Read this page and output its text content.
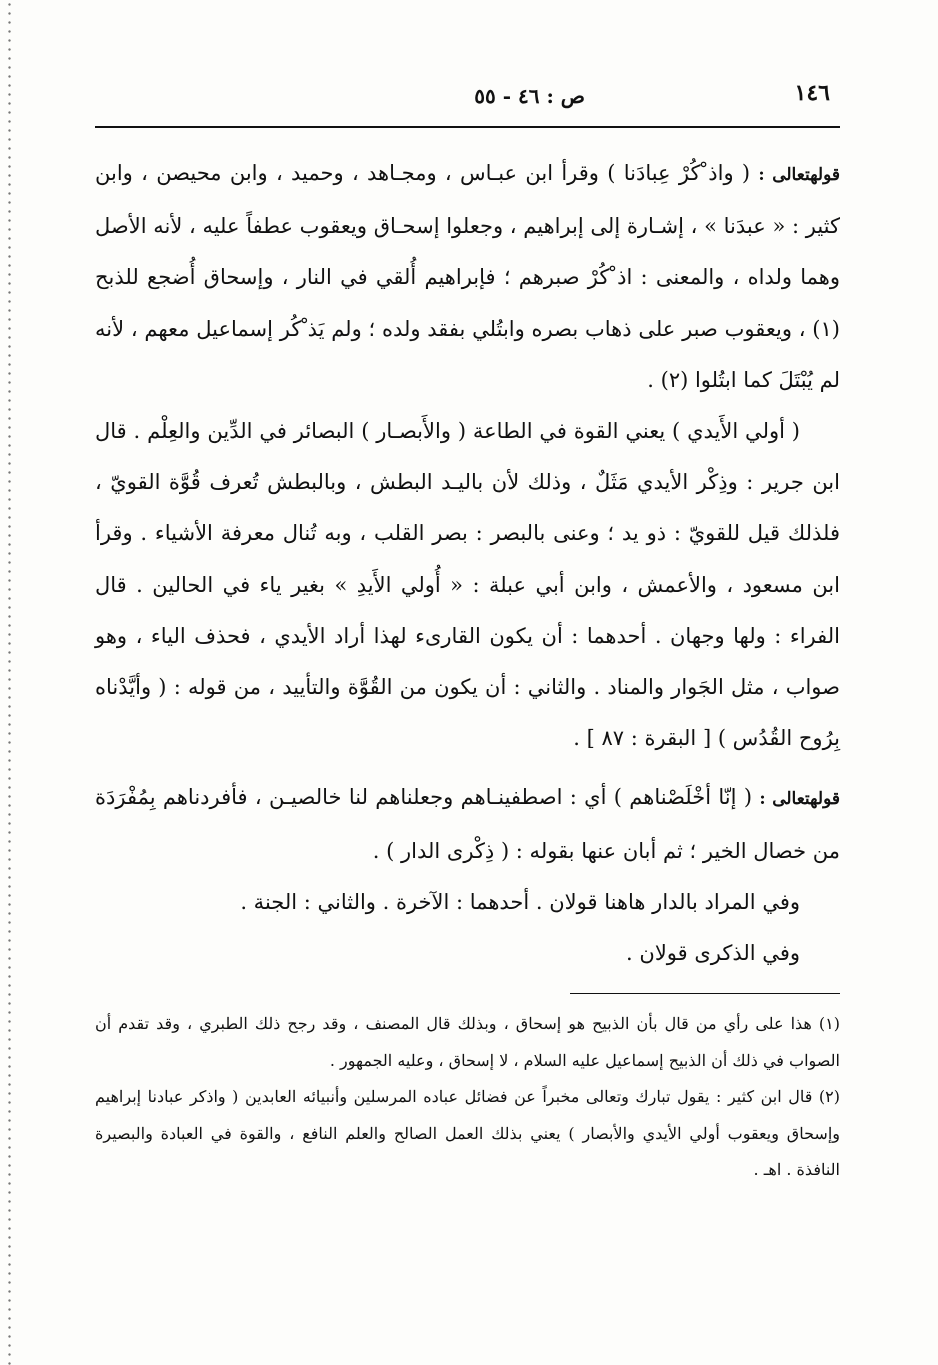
١٤٦
ص : ٤٦ - ٥٥

قولهتعالى : ( واذ ْكُرْ عِبادَنا ) وقرأ ابن عبـاس ، ومجـاهد ، وحميد ، وابن محيصن ، وابن كثير : « عبدَنا » ، إشـارة إلى إبراهيم ، وجعلوا إسحـاق ويعقوب عطفاً عليه ، لأنه الأصل وهما ولداه ، والمعنى : اذ ْكُرْ صبرهم ؛ فإبراهيم أُلقي في النار ، وإسحاق أُضجع للذبح (١) ، ويعقوب صبر على ذهاب بصره وابتُلي بفقد ولده ؛ ولم يَذ ْكُر إسماعيل معهم ، لأنه لم يُبْتَلَ كما ابتُلوا (٢) .

( أولي الأَيدي ) يعني القوة في الطاعة ( والأَبصـار ) البصائر في الدِّين والعِلْم . قال ابن جرير : وذِكْر الأيدي مَثَلٌ ، وذلك لأن باليـد البطش ، وبالبطش تُعرف قُوَّة القويّ ، فلذلك قيل للقويّ : ذو يد ؛ وعنى بالبصر : بصر القلب ، وبه تُنال معرفة الأشياء . وقرأ ابن مسعود ، والأعمش ، وابن أبي عبلة : « أُولي الأَيدِ » بغير ياء في الحالين . قال الفراء : ولها وجهان . أحدهما : أن يكون القارىء لهذا أراد الأيدي ، فحذف الياء ، وهو صواب ، مثل الجَوار والمناد . والثاني : أن يكون من القُوَّة والتأييد ، من قوله : ( وأيَّدْناه بِرُوح القُدُس ) [ البقرة : ٨٧ ] .

قولهتعالى : ( إنّا أخْلَصْناهم ) أي : اصطفينـاهم وجعلناهم لنا خالصيـن ، فأفردناهم بِمُفْرَدَة من خصال الخير ؛ ثم أبان عنها بقوله : ( ذِكْرى الدار ) .

وفي المراد بالدار هاهنا قولان . أحدهما : الآخرة . والثاني : الجنة .

وفي الذكرى قولان .

(١) هذا على رأي من قال بأن الذبيح هو إسحاق ، وبذلك قال المصنف ، وقد رجح ذلك الطبري ، وقد تقدم أن الصواب في ذلك أن الذبيح إسماعيل عليه السلام ، لا إسحاق ، وعليه الجمهور .

(٢) قال ابن كثير : يقول تبارك وتعالى مخبراً عن فضائل عباده المرسلين وأنبيائه العابدين ( واذكر عبادنا إبراهيم وإسحاق ويعقوب أولي الأيدي والأبصار ) يعني بذلك العمل الصالح والعلم النافع ، والقوة في العبادة والبصيرة النافذة . اهـ .
